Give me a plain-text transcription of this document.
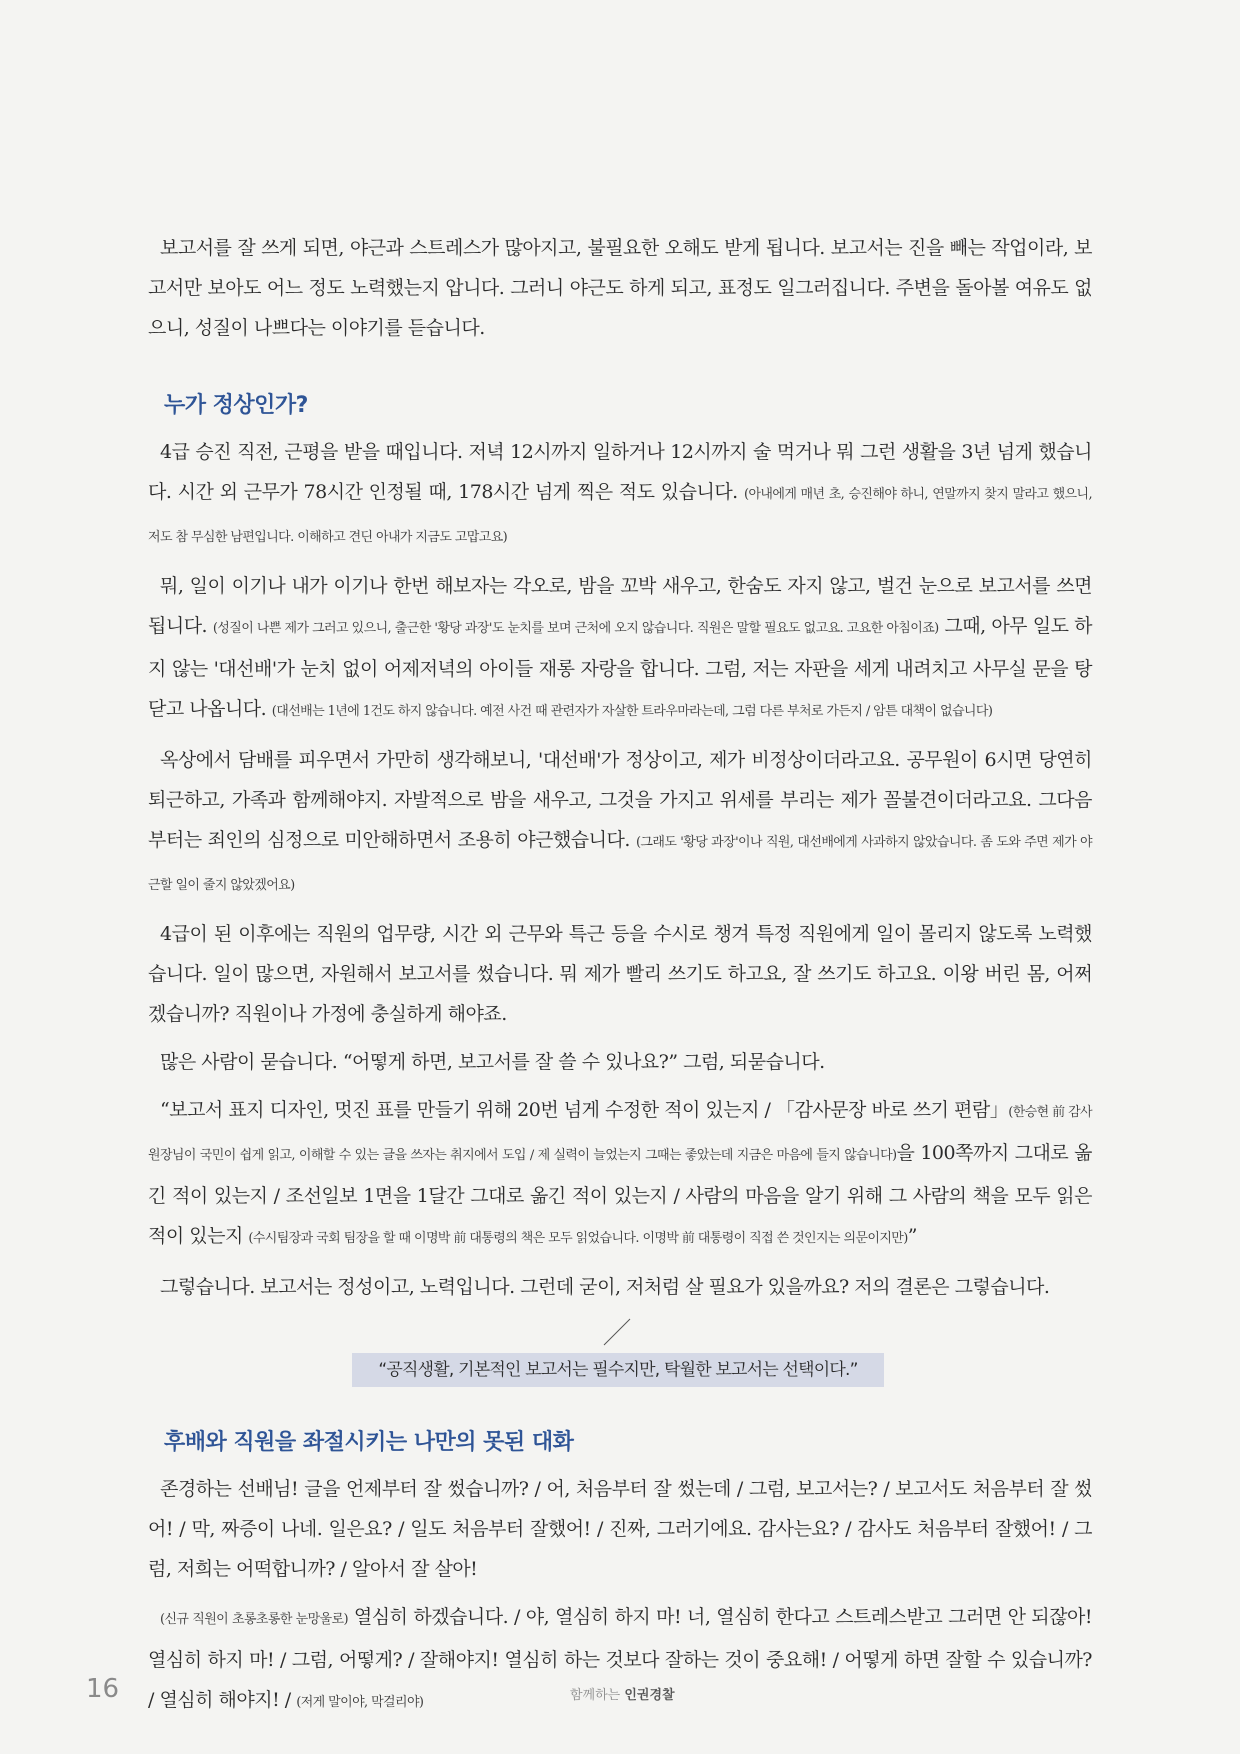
보고서를 잘 쓰게 되면, 야근과 스트레스가 많아지고, 불필요한 오해도 받게 됩니다. 보고서는 진을 빼는 작업이라, 보고서만 보아도 어느 정도 노력했는지 압니다. 그러니 야근도 하게 되고, 표정도 일그러집니다. 주변을 돌아볼 여유도 없으니, 성질이 나쁘다는 이야기를 듣습니다.

누가 정상인가?

4급 승진 직전, 근평을 받을 때입니다. 저녁 12시까지 일하거나 12시까지 술 먹거나 뭐 그런 생활을 3년 넘게 했습니다. 시간 외 근무가 78시간 인정될 때, 178시간 넘게 찍은 적도 있습니다. (아내에게 매년 초, 승진해야 하니, 연말까지 찾지 말라고 했으니, 저도 참 무심한 남편입니다. 이해하고 견딘 아내가 지금도 고맙고요)

뭐, 일이 이기나 내가 이기나 한번 해보자는 각오로, 밤을 꼬박 새우고, 한숨도 자지 않고, 벌건 눈으로 보고서를 쓰면 됩니다. (성질이 나쁜 제가 그러고 있으니, 출근한 '황당 과장'도 눈치를 보며 근처에 오지 않습니다. 직원은 말할 필요도 없고요. 고요한 아침이죠) 그때, 아무 일도 하지 않는 '대선배'가 눈치 없이 어제저녁의 아이들 재롱 자랑을 합니다. 그럼, 저는 자판을 세게 내려치고 사무실 문을 탕 닫고 나옵니다. (대선배는 1년에 1건도 하지 않습니다. 예전 사건 때 관련자가 자살한 트라우마라는데, 그럼 다른 부처로 가든지 / 암튼 대책이 없습니다)

옥상에서 담배를 피우면서 가만히 생각해보니, '대선배'가 정상이고, 제가 비정상이더라고요. 공무원이 6시면 당연히 퇴근하고, 가족과 함께해야지. 자발적으로 밤을 새우고, 그것을 가지고 위세를 부리는 제가 꼴불견이더라고요. 그다음부터는 죄인의 심정으로 미안해하면서 조용히 야근했습니다. (그래도 '황당 과장'이나 직원, 대선배에게 사과하지 않았습니다. 좀 도와 주면 제가 야근할 일이 줄지 않았겠어요)

4급이 된 이후에는 직원의 업무량, 시간 외 근무와 특근 등을 수시로 챙겨 특정 직원에게 일이 몰리지 않도록 노력했습니다. 일이 많으면, 자원해서 보고서를 썼습니다. 뭐 제가 빨리 쓰기도 하고요, 잘 쓰기도 하고요. 이왕 버린 몸, 어쩌겠습니까? 직원이나 가정에 충실하게 해야죠.

많은 사람이 묻습니다. “어떻게 하면, 보고서를 잘 쓸 수 있나요?” 그럼, 되묻습니다.

“보고서 표지 디자인, 멋진 표를 만들기 위해 20번 넘게 수정한 적이 있는지 / 「감사문장 바로 쓰기 편람」(한승현 前 감사원장님이 국민이 쉽게 읽고, 이해할 수 있는 글을 쓰자는 취지에서 도입 / 제 실력이 늘었는지 그때는 좋았는데 지금은 마음에 들지 않습니다)을 100쪽까지 그대로 옮긴 적이 있는지 / 조선일보 1면을 1달간 그대로 옮긴 적이 있는지 / 사람의 마음을 알기 위해 그 사람의 책을 모두 읽은 적이 있는지 (수시팀장과 국회 팀장을 할 때 이명박 前 대통령의 책은 모두 읽었습니다. 이명박 前 대통령이 직접 쓴 것인지는 의문이지만)”

그렇습니다. 보고서는 정성이고, 노력입니다. 그런데 굳이, 저처럼 살 필요가 있을까요? 저의 결론은 그렇습니다.

“공직생활, 기본적인 보고서는 필수지만, 탁월한 보고서는 선택이다.”
후배와 직원을 좌절시키는 나만의 못된 대화

존경하는 선배님! 글을 언제부터 잘 썼습니까? / 어, 처음부터 잘 썼는데 / 그럼, 보고서는? / 보고서도 처음부터 잘 썼어! / 막, 짜증이 나네. 일은요? / 일도 처음부터 잘했어! / 진짜, 그러기에요. 감사는요? / 감사도 처음부터 잘했어! / 그럼, 저희는 어떡합니까? / 알아서 잘 살아!

(신규 직원이 초롱초롱한 눈망울로) 열심히 하겠습니다. / 야, 열심히 하지 마! 너, 열심히 한다고 스트레스받고 그러면 안 되잖아! 열심히 하지 마! / 그럼, 어떻게? / 잘해야지! 열심히 하는 것보다 잘하는 것이 중요해! / 어떻게 하면 잘할 수 있습니까? / 열심히 해야지! / (저게 말이야, 막걸리야)

16	함께하는 인권경찰
